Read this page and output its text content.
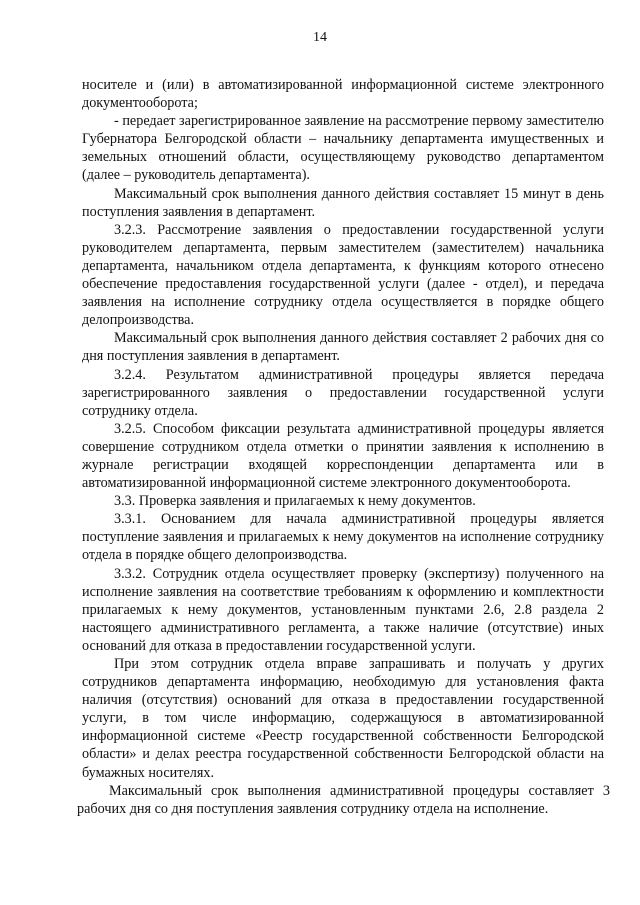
14

носителе и (или) в автоматизированной информационной системе электронного документооборота;

- передает зарегистрированное заявление на рассмотрение первому заместителю Губернатора Белгородской области – начальнику департамента имущественных и земельных отношений области, осуществляющему руководство департаментом (далее – руководитель департамента).

Максимальный срок выполнения данного действия составляет 15 минут в день поступления заявления в департамент.

3.2.3. Рассмотрение заявления о предоставлении государственной услуги руководителем департамента, первым заместителем (заместителем) начальника департамента, начальником отдела департамента, к функциям которого отнесено обеспечение предоставления государственной услуги (далее - отдел), и передача заявления на исполнение сотруднику отдела осуществляется в порядке общего делопроизводства.

Максимальный срок выполнения данного действия составляет 2 рабочих дня со дня поступления заявления в департамент.

3.2.4. Результатом административной процедуры является передача зарегистрированного заявления о предоставлении государственной услуги сотруднику отдела.

3.2.5. Способом фиксации результата административной процедуры является совершение сотрудником отдела отметки о принятии заявления к исполнению в журнале регистрации входящей корреспонденции департамента или в автоматизированной информационной системе электронного документооборота.

3.3. Проверка заявления и прилагаемых к нему документов.

3.3.1. Основанием для начала административной процедуры является поступление заявления и прилагаемых к нему документов на исполнение сотруднику отдела в порядке общего делопроизводства.

3.3.2. Сотрудник отдела осуществляет проверку (экспертизу) полученного на исполнение заявления на соответствие требованиям к оформлению и комплектности прилагаемых к нему документов, установленным пунктами 2.6, 2.8 раздела 2 настоящего административного регламента, а также наличие (отсутствие) иных оснований для отказа в предоставлении государственной услуги.

При этом сотрудник отдела вправе запрашивать и получать у других сотрудников департамента информацию, необходимую для установления факта наличия (отсутствия) оснований для отказа в предоставлении государственной услуги, в том числе информацию, содержащуюся в автоматизированной информационной системе «Реестр государственной собственности Белгородской области» и делах реестра государственной собственности Белгородской области на бумажных носителях.

Максимальный срок выполнения административной процедуры составляет 3 рабочих дня со дня поступления заявления сотруднику отдела на исполнение.
